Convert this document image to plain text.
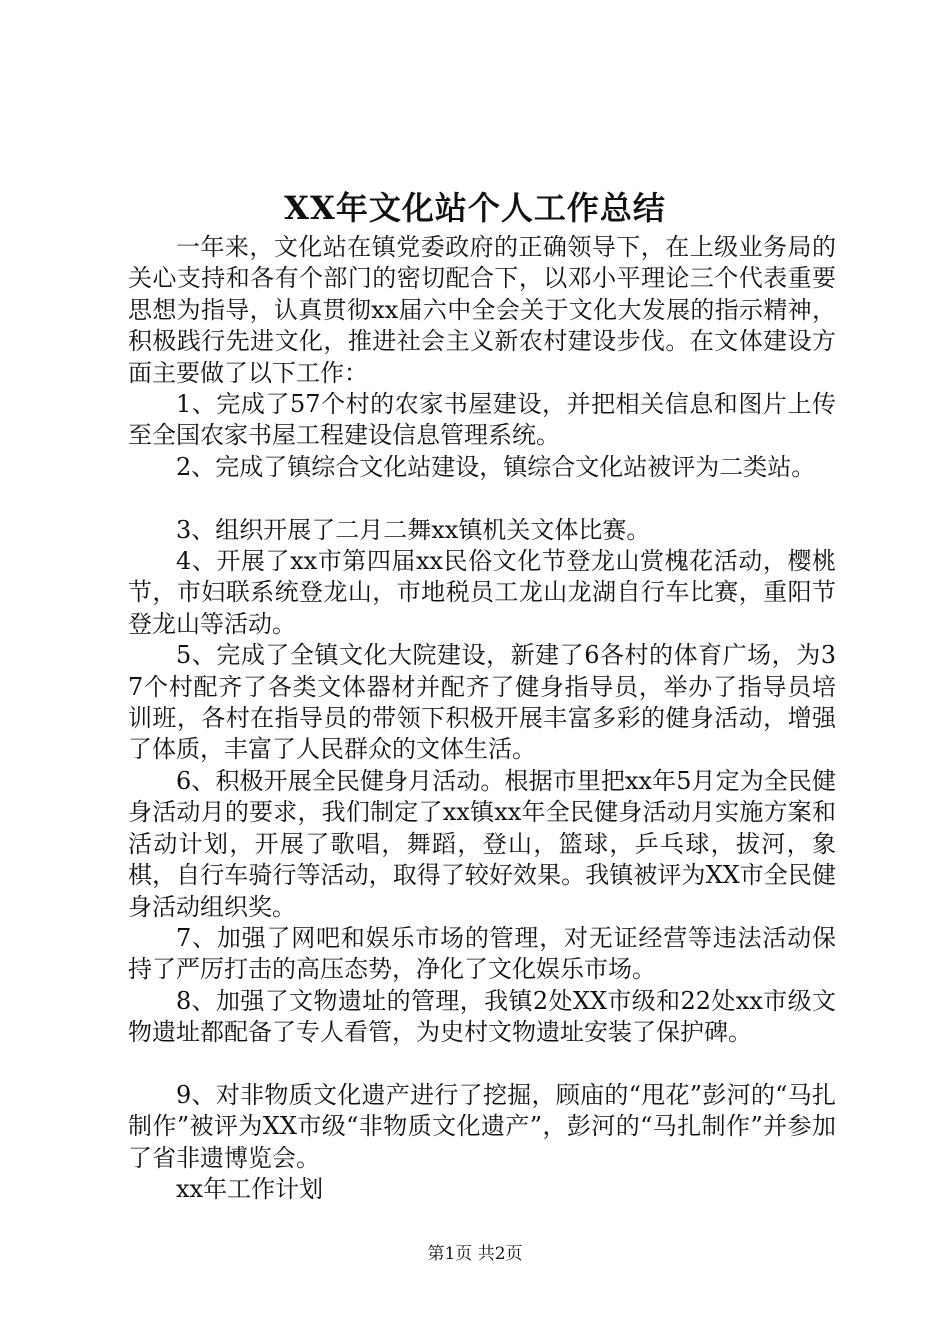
XX年文化站个人工作总结

一年来，文化站在镇党委政府的正确领导下，在上级业务局的关心支持和各有个部门的密切配合下，以邓小平理论三个代表重要思想为指导，认真贯彻xx届六中全会关于文化大发展的指示精神，积极践行先进文化，推进社会主义新农村建设步伐。在文体建设方面主要做了以下工作：

1、完成了57个村的农家书屋建设，并把相关信息和图片上传至全国农家书屋工程建设信息管理系统。

2、完成了镇综合文化站建设，镇综合文化站被评为二类站。

3、组织开展了二月二舞xx镇机关文体比赛。

4、开展了xx市第四届xx民俗文化节登龙山赏槐花活动，樱桃节，市妇联系统登龙山，市地税员工龙山龙湖自行车比赛，重阳节登龙山等活动。

5、完成了全镇文化大院建设，新建了6各村的体育广场，为37个村配齐了各类文体器材并配齐了健身指导员，举办了指导员培训班，各村在指导员的带领下积极开展丰富多彩的健身活动，增强了体质，丰富了人民群众的文体生活。

6、积极开展全民健身月活动。根据市里把xx年5月定为全民健身活动月的要求，我们制定了xx镇xx年全民健身活动月实施方案和活动计划，开展了歌唱，舞蹈，登山，篮球，乒乓球，拔河，象棋，自行车骑行等活动，取得了较好效果。我镇被评为XX市全民健身活动组织奖。

7、加强了网吧和娱乐市场的管理，对无证经营等违法活动保持了严厉打击的高压态势，净化了文化娱乐市场。

8、加强了文物遗址的管理，我镇2处XX市级和22处xx市级文物遗址都配备了专人看管，为史村文物遗址安装了保护碑。

9、对非物质文化遗产进行了挖掘，顾庙的“甩花”彭河的“马扎制作”被评为XX市级“非物质文化遗产”，彭河的“马扎制作”并参加了省非遗博览会。

xx年工作计划

第1页 共2页
